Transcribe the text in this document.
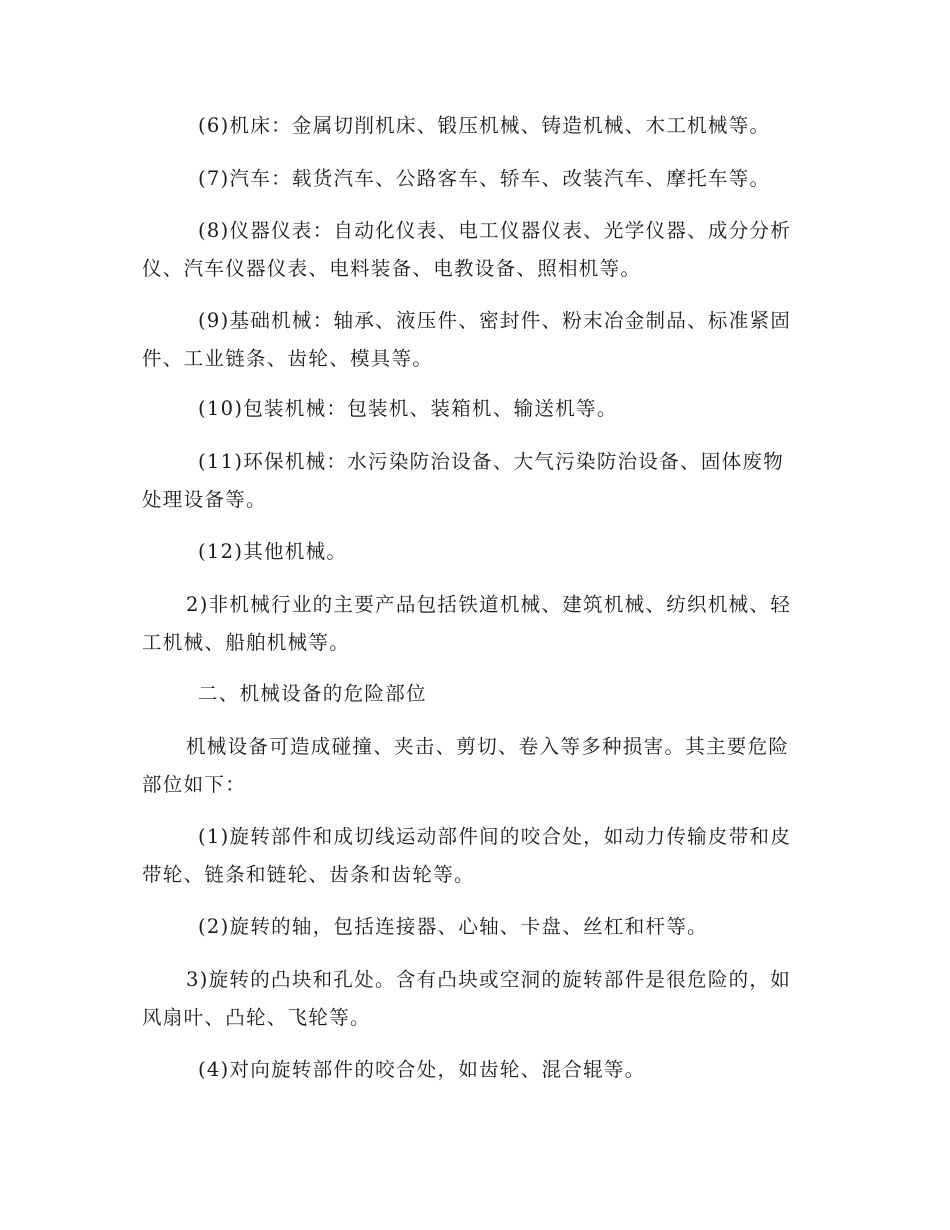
(6)机床：金属切削机床、锻压机械、铸造机械、木工机械等。

(7)汽车：载货汽车、公路客车、轿车、改装汽车、摩托车等。

(8)仪器仪表：自动化仪表、电工仪器仪表、光学仪器、成分分析仪、汽车仪器仪表、电料装备、电教设备、照相机等。

(9)基础机械：轴承、液压件、密封件、粉末冶金制品、标准紧固件、工业链条、齿轮、模具等。

(10)包装机械：包装机、装箱机、输送机等。

(11)环保机械：水污染防治设备、大气污染防治设备、固体废物处理设备等。

(12)其他机械。

2)非机械行业的主要产品包括铁道机械、建筑机械、纺织机械、轻工机械、船舶机械等。

二、机械设备的危险部位

机械设备可造成碰撞、夹击、剪切、卷入等多种损害。其主要危险部位如下：

(1)旋转部件和成切线运动部件间的咬合处，如动力传输皮带和皮带轮、链条和链轮、齿条和齿轮等。

(2)旋转的轴，包括连接器、心轴、卡盘、丝杠和杆等。

3)旋转的凸块和孔处。含有凸块或空洞的旋转部件是很危险的，如风扇叶、凸轮、飞轮等。

(4)对向旋转部件的咬合处，如齿轮、混合辊等。
